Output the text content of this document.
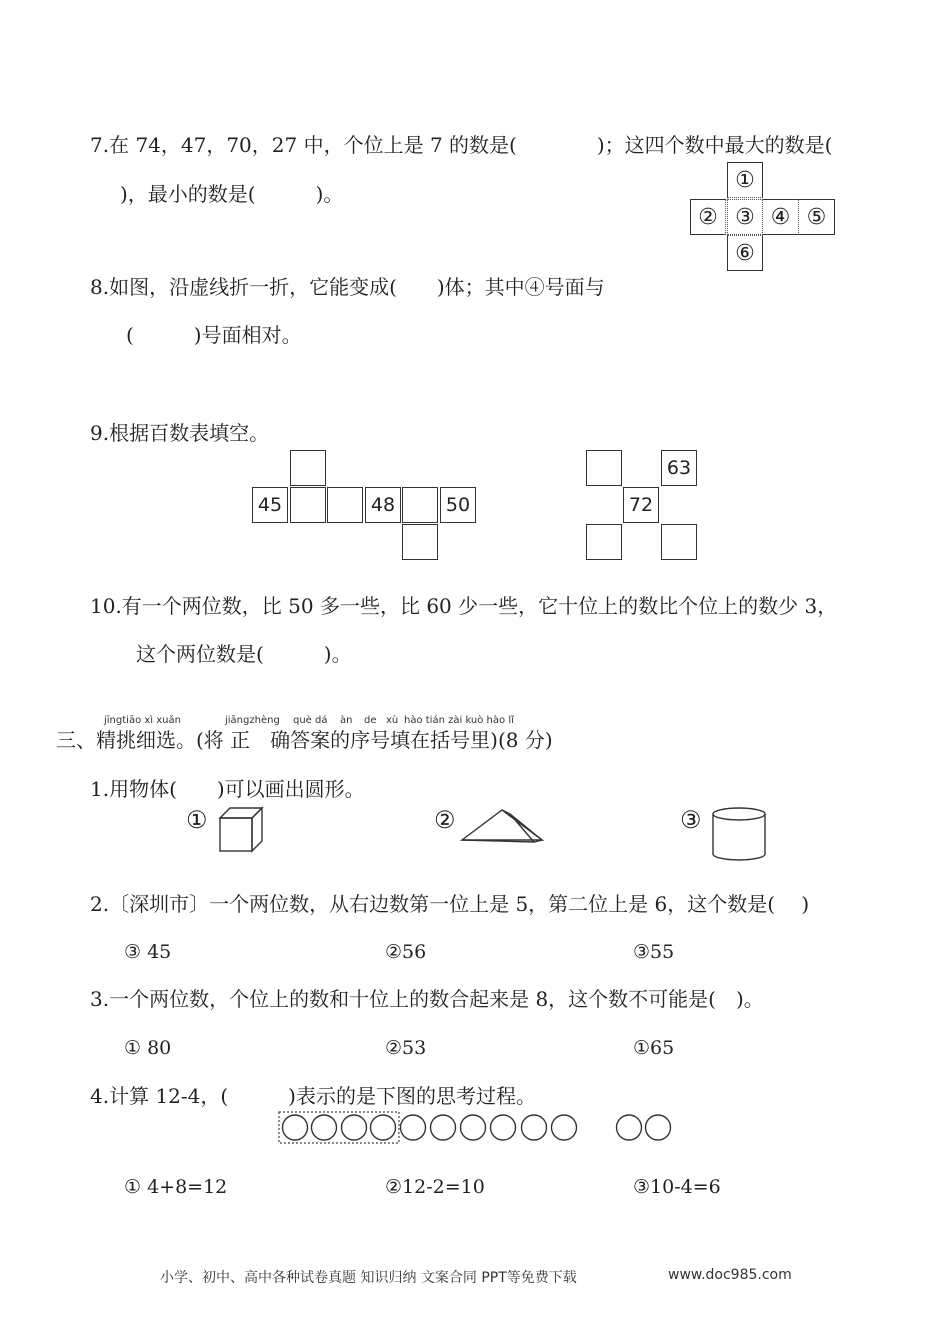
7.在 74，47，70，27 中，个位上是 7 的数是(　　　　)；这四个数中最大的数是(
)，最小的数是(　　　)。
①
② ③ ④ ⑤
⑥
8.如图，沿虚线折一折，它能变成(　　)体；其中④号面与
(　　　)号面相对。
9.根据百数表填空。
45	48	50
63
72
10.有一个两位数，比 50 多一些，比 60 少一些，它十位上的数比个位上的数少 3，
这个两位数是(　　　)。
jīngtiāo xì xuǎn	jiāngzhèng què dá àn de xù hào tián zài kuò hào lǐ
三、精挑细选。(将 正　确答案的序号填在括号里)(8 分)
1.用物体(　　)可以画出圆形。
①	②	③
2.〔深圳市〕一个两位数，从右边数第一位上是 5，第二位上是 6，这个数是(　 )
③ 45	②56	③55
3.一个两位数，个位上的数和十位上的数合起来是 8，这个数不可能是(　)。
① 80	②53	①65
4.计算 12-4，(　　　)表示的是下图的思考过程。
① 4+8=12	②12-2=10	③10-4=6
小学、初中、高中各种试卷真题 知识归纳 文案合同 PPT等免费下载	www.doc985.com
